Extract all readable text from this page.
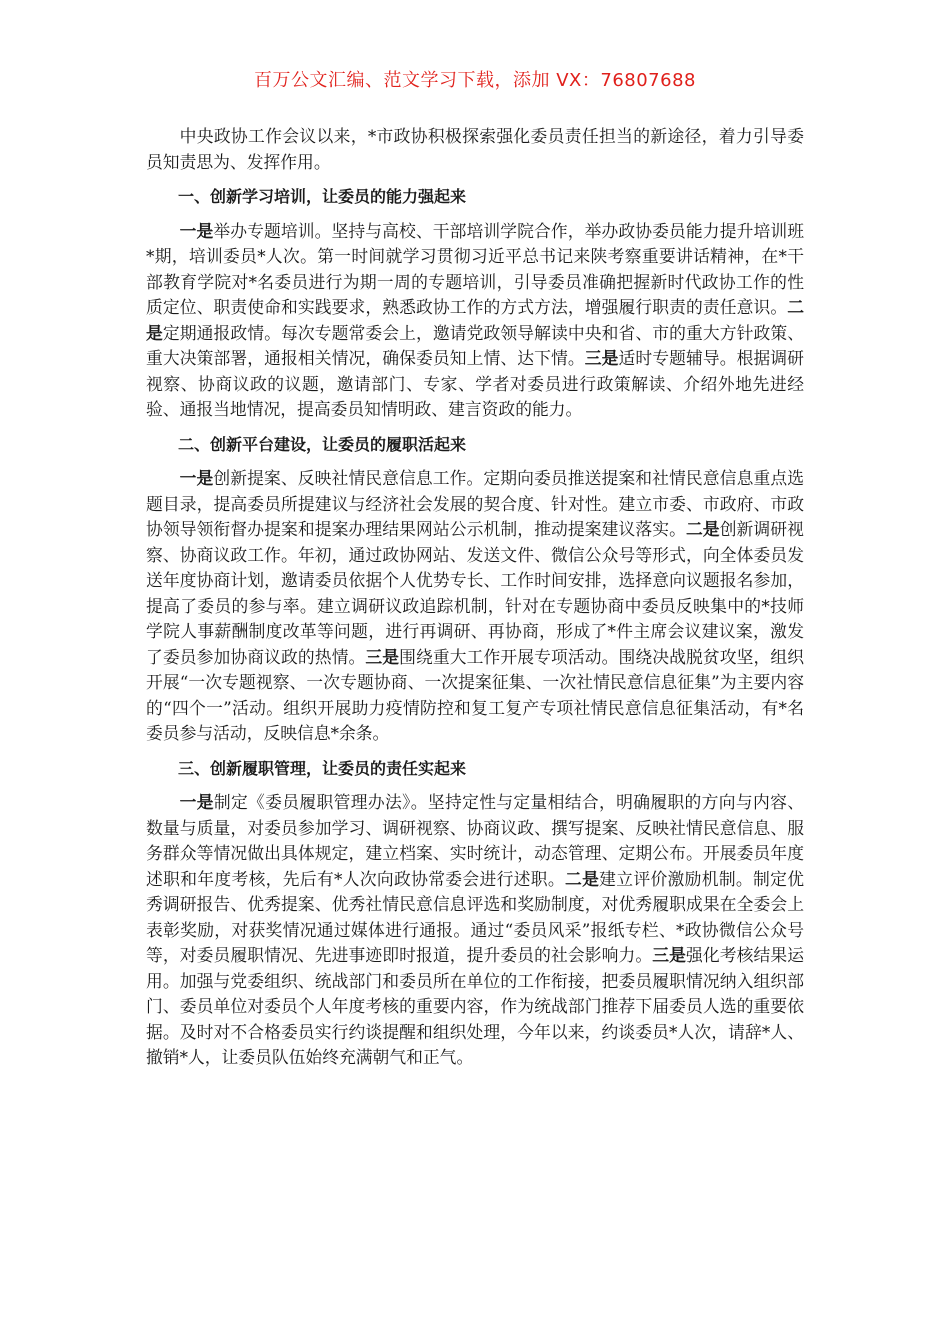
百万公文汇编、范文学习下载，添加 VX：76807688

中央政协工作会议以来，*市政协积极探索强化委员责任担当的新途径，着力引导委员知责思为、发挥作用。

一、创新学习培训，让委员的能力强起来

一是举办专题培训。坚持与高校、干部培训学院合作，举办政协委员能力提升培训班*期，培训委员*人次。第一时间就学习贯彻习近平总书记来陕考察重要讲话精神，在*干部教育学院对*名委员进行为期一周的专题培训，引导委员准确把握新时代政协工作的性质定位、职责使命和实践要求，熟悉政协工作的方式方法，增强履行职责的责任意识。二是定期通报政情。每次专题常委会上，邀请党政领导解读中央和省、市的重大方针政策、重大决策部署，通报相关情况，确保委员知上情、达下情。三是适时专题辅导。根据调研视察、协商议政的议题，邀请部门、专家、学者对委员进行政策解读、介绍外地先进经验、通报当地情况，提高委员知情明政、建言资政的能力。

二、创新平台建设，让委员的履职活起来

一是创新提案、反映社情民意信息工作。定期向委员推送提案和社情民意信息重点选题目录，提高委员所提建议与经济社会发展的契合度、针对性。建立市委、市政府、市政协领导领衔督办提案和提案办理结果网站公示机制，推动提案建议落实。二是创新调研视察、协商议政工作。年初，通过政协网站、发送文件、微信公众号等形式，向全体委员发送年度协商计划，邀请委员依据个人优势专长、工作时间安排，选择意向议题报名参加，提高了委员的参与率。建立调研议政追踪机制，针对在专题协商中委员反映集中的*技师学院人事薪酬制度改革等问题，进行再调研、再协商，形成了*件主席会议建议案，激发了委员参加协商议政的热情。三是围绕重大工作开展专项活动。围绕决战脱贫攻坚，组织开展“一次专题视察、一次专题协商、一次提案征集、一次社情民意信息征集”为主要内容的“四个一”活动。组织开展助力疫情防控和复工复产专项社情民意信息征集活动，有*名委员参与活动，反映信息*余条。

三、创新履职管理，让委员的责任实起来

一是制定《委员履职管理办法》。坚持定性与定量相结合，明确履职的方向与内容、数量与质量，对委员参加学习、调研视察、协商议政、撰写提案、反映社情民意信息、服务群众等情况做出具体规定，建立档案、实时统计，动态管理、定期公布。开展委员年度述职和年度考核，先后有*人次向政协常委会进行述职。二是建立评价激励机制。制定优秀调研报告、优秀提案、优秀社情民意信息评选和奖励制度，对优秀履职成果在全委会上表彰奖励，对获奖情况通过媒体进行通报。通过“委员风采”报纸专栏、*政协微信公众号等，对委员履职情况、先进事迹即时报道，提升委员的社会影响力。三是强化考核结果运用。加强与党委组织、统战部门和委员所在单位的工作衔接，把委员履职情况纳入组织部门、委员单位对委员个人年度考核的重要内容，作为统战部门推荐下届委员人选的重要依据。及时对不合格委员实行约谈提醒和组织处理，今年以来，约谈委员*人次，请辞*人、撤销*人，让委员队伍始终充满朝气和正气。
